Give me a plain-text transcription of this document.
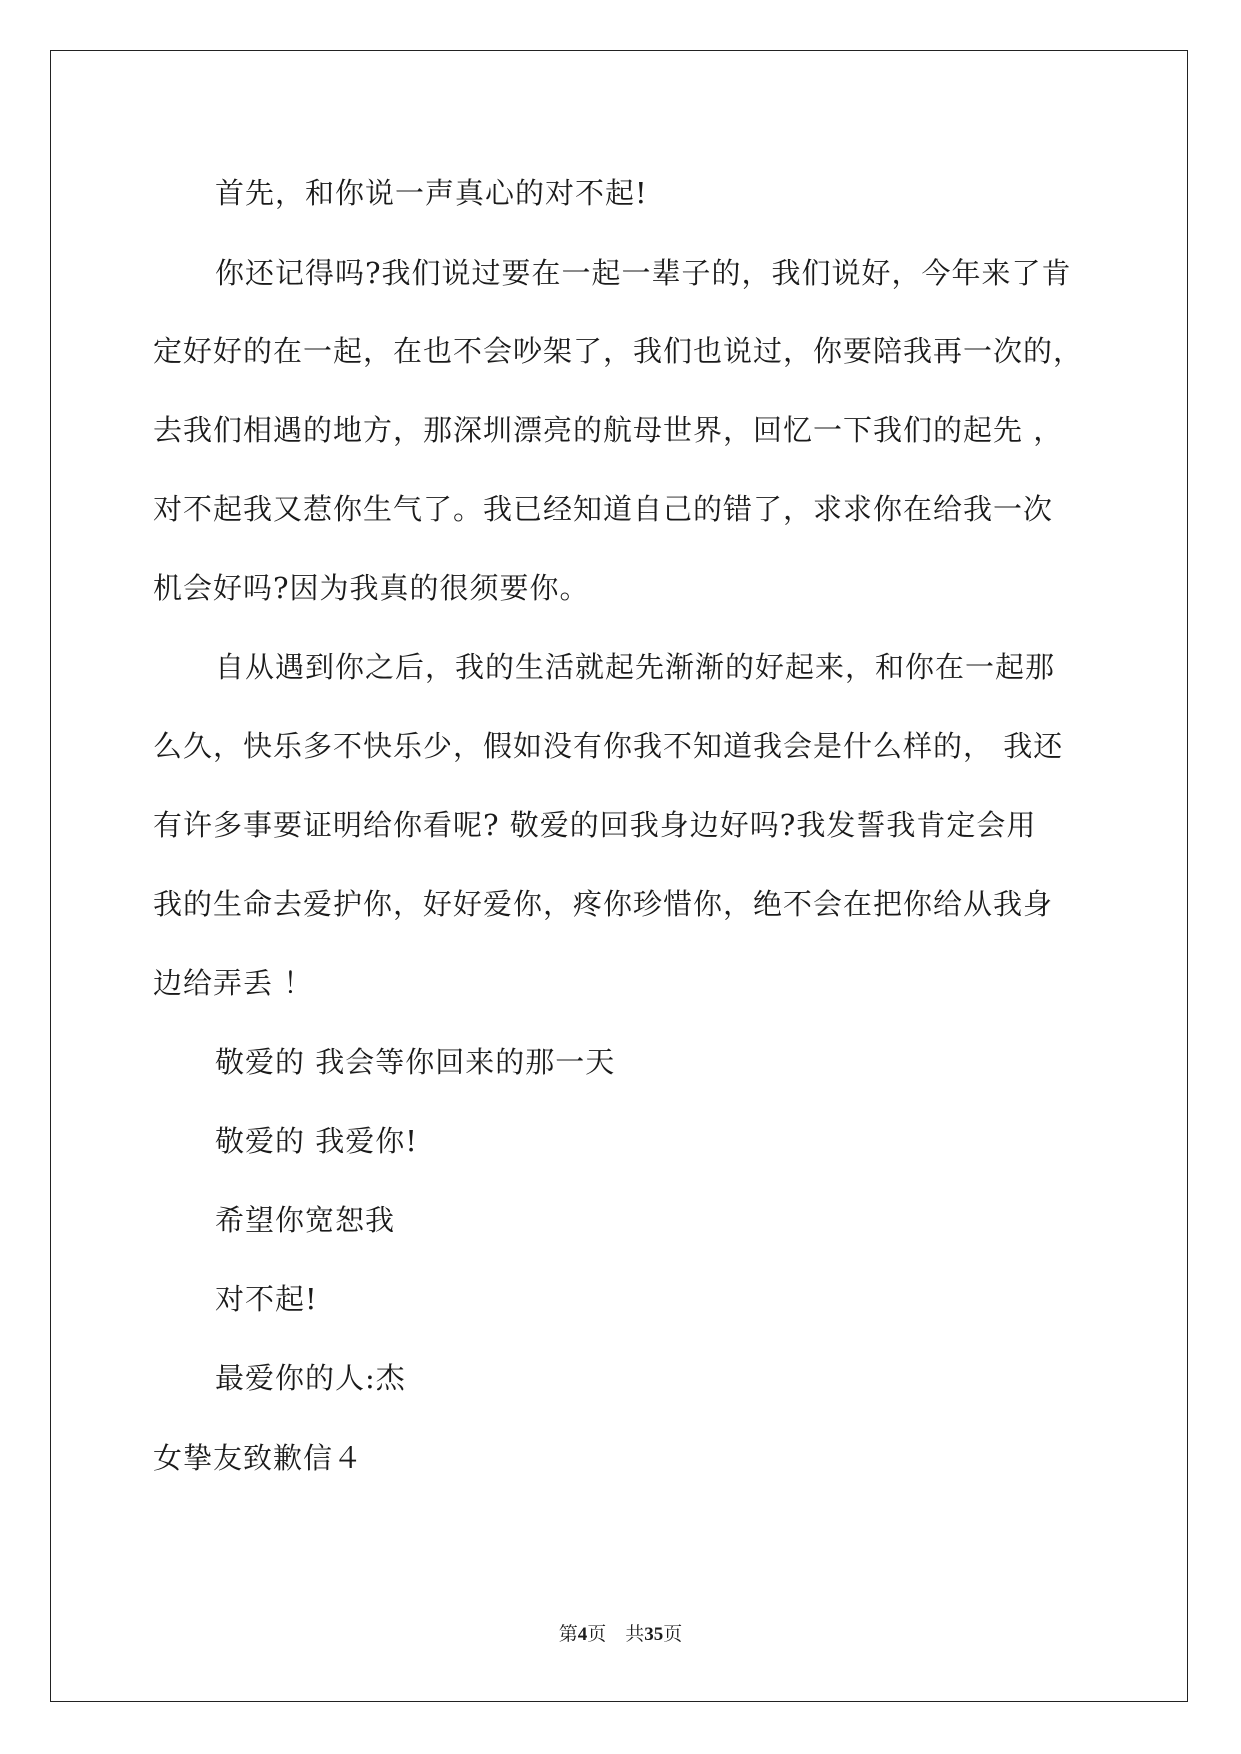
首先，和你说一声真心的对不起!
你还记得吗?我们说过要在一起一辈子的，我们说好，今年来了肯
定好好的在一起，在也不会吵架了，我们也说过，你要陪我再一次的，
去我们相遇的地方，那深圳漂亮的航母世界，回忆一下我们的起先 ，
对不起我又惹你生气了。我已经知道自己的错了，求求你在给我一次
机会好吗?因为我真的很须要你。
自从遇到你之后，我的生活就起先渐渐的好起来，和你在一起那
么久，快乐多不快乐少，假如没有你我不知道我会是什么样的， 我还
有许多事要证明给你看呢? 敬爱的回我身边好吗?我发誓我肯定会用
我的生命去爱护你，好好爱你，疼你珍惜你，绝不会在把你给从我身
边给弄丢 ！
敬爱的 我会等你回来的那一天
敬爱的 我爱你!
希望你宽恕我
对不起!
最爱你的人:杰
女挚友致歉信４
第4页 共35页
